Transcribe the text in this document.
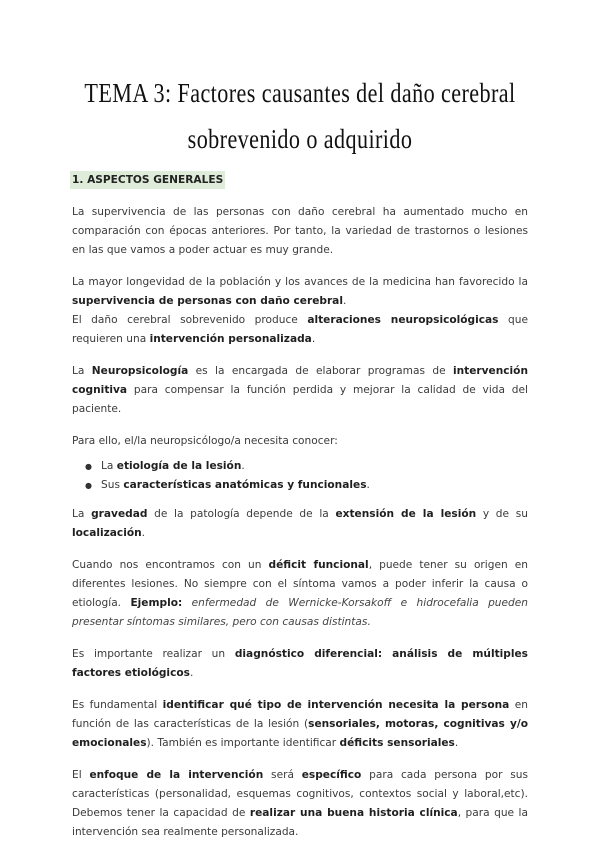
TEMA 3: Factores causantes del daño cerebral
sobrevenido o adquirido
1. ASPECTOS GENERALES

La supervivencia de las personas con daño cerebral ha aumentado mucho en comparación con épocas anteriores. Por tanto, la variedad de trastornos o lesiones en las que vamos a poder actuar es muy grande.

La mayor longevidad de la población y los avances de la medicina han favorecido la supervivencia de personas con daño cerebral.

El daño cerebral sobrevenido produce alteraciones neuropsicológicas que requieren una intervención personalizada.

La Neuropsicología es la encargada de elaborar programas de intervención cognitiva para compensar la función perdida y mejorar la calidad de vida del paciente.

Para ello, el/la neuropsicólogo/a necesita conocer:

● La etiología de la lesión.
● Sus características anatómicas y funcionales.

La gravedad de la patología depende de la extensión de la lesión y de su localización.

Cuando nos encontramos con un déficit funcional, puede tener su origen en diferentes lesiones. No siempre con el síntoma vamos a poder inferir la causa o etiología. Ejemplo: enfermedad de Wernicke-Korsakoff e hidrocefalia pueden presentar síntomas similares, pero con causas distintas.

Es importante realizar un diagnóstico diferencial: análisis de múltiples factores etiológicos.

Es fundamental identificar qué tipo de intervención necesita la persona en función de las características de la lesión (sensoriales, motoras, cognitivas y/o emocionales). También es importante identificar déficits sensoriales.

El enfoque de la intervención será específico para cada persona por sus características (personalidad, esquemas cognitivos, contextos social y laboral,etc). Debemos tener la capacidad de realizar una buena historia clínica, para que la intervención sea realmente personalizada.
